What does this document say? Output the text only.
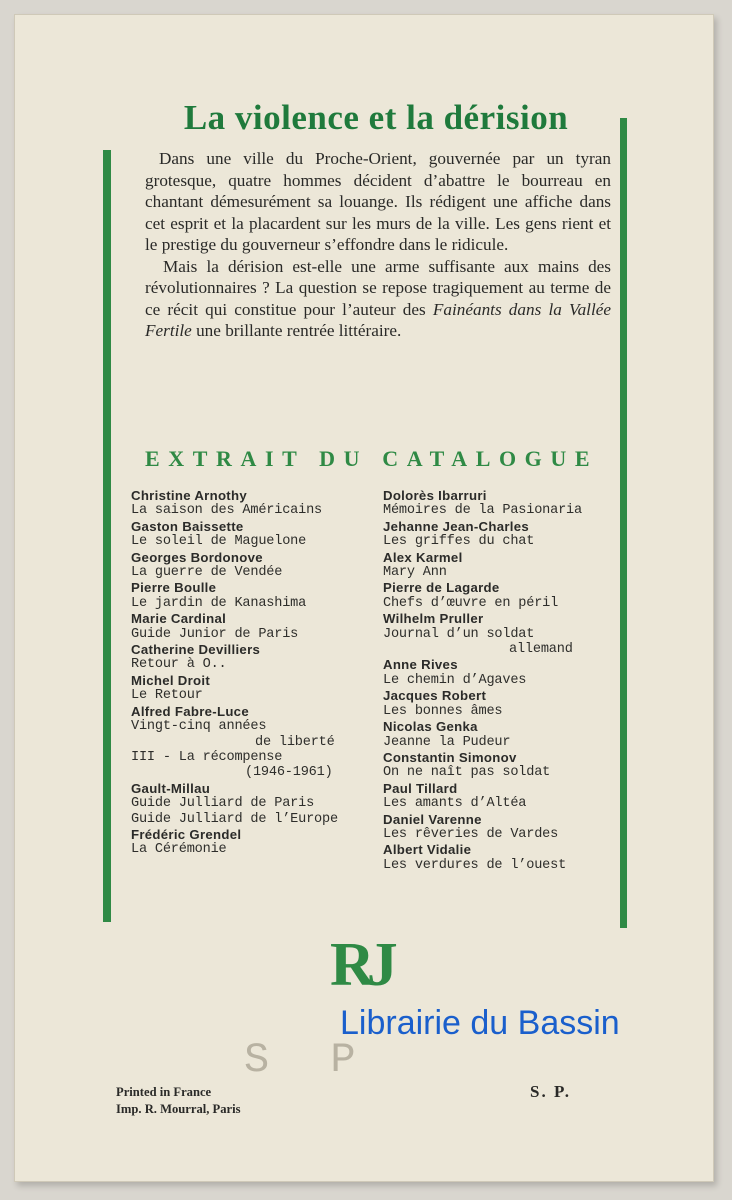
La violence et la dérision

Dans une ville du Proche-Orient, gouvernée par un tyran grotesque, quatre hommes décident d’abattre le bourreau en chantant démesurément sa louange. Ils rédigent une affiche dans cet esprit et la placardent sur les murs de la ville. Les gens rient et le prestige du gouverneur s’effondre dans le ridicule.

Mais la dérision est-elle une arme suffisante aux mains des révolutionnaires ? La question se repose tragiquement au terme de ce récit qui constitue pour l’auteur des Fainéants dans la Vallée Fertile une brillante rentrée littéraire.

EXTRAIT DU CATALOGUE
Christine Arnothy
La saison des Américains
Gaston Baissette
Le soleil de Maguelone
Georges Bordonove
La guerre de Vendée
Pierre Boulle
Le jardin de Kanashima
Marie Cardinal
Guide Junior de Paris
Catherine Devilliers
Retour à O..
Michel Droit
Le Retour
Alfred Fabre-Luce
Vingt-cinq années
de liberté
III - La récompense
(1946-1961)
Gault-Millau
Guide Julliard de Paris
Guide Julliard de l’Europe
Frédéric Grendel
La Cérémonie
Dolorès Ibarruri
Mémoires de la Pasionaria
Jehanne Jean-Charles
Les griffes du chat
Alex Karmel
Mary Ann
Pierre de Lagarde
Chefs d’œuvre en péril
Wilhelm Pruller
Journal d’un soldat
allemand
Anne Rives
Le chemin d’Agaves
Jacques Robert
Les bonnes âmes
Nicolas Genka
Jeanne la Pudeur
Constantin Simonov
On ne naît pas soldat
Paul Tillard
Les amants d’Altéa
Daniel Varenne
Les rêveries de Vardes
Albert Vidalie
Les verdures de l’ouest
RJ
S P
Librairie du Bassin
Printed in France
Imp. R. Mourral, Paris
S. P.
